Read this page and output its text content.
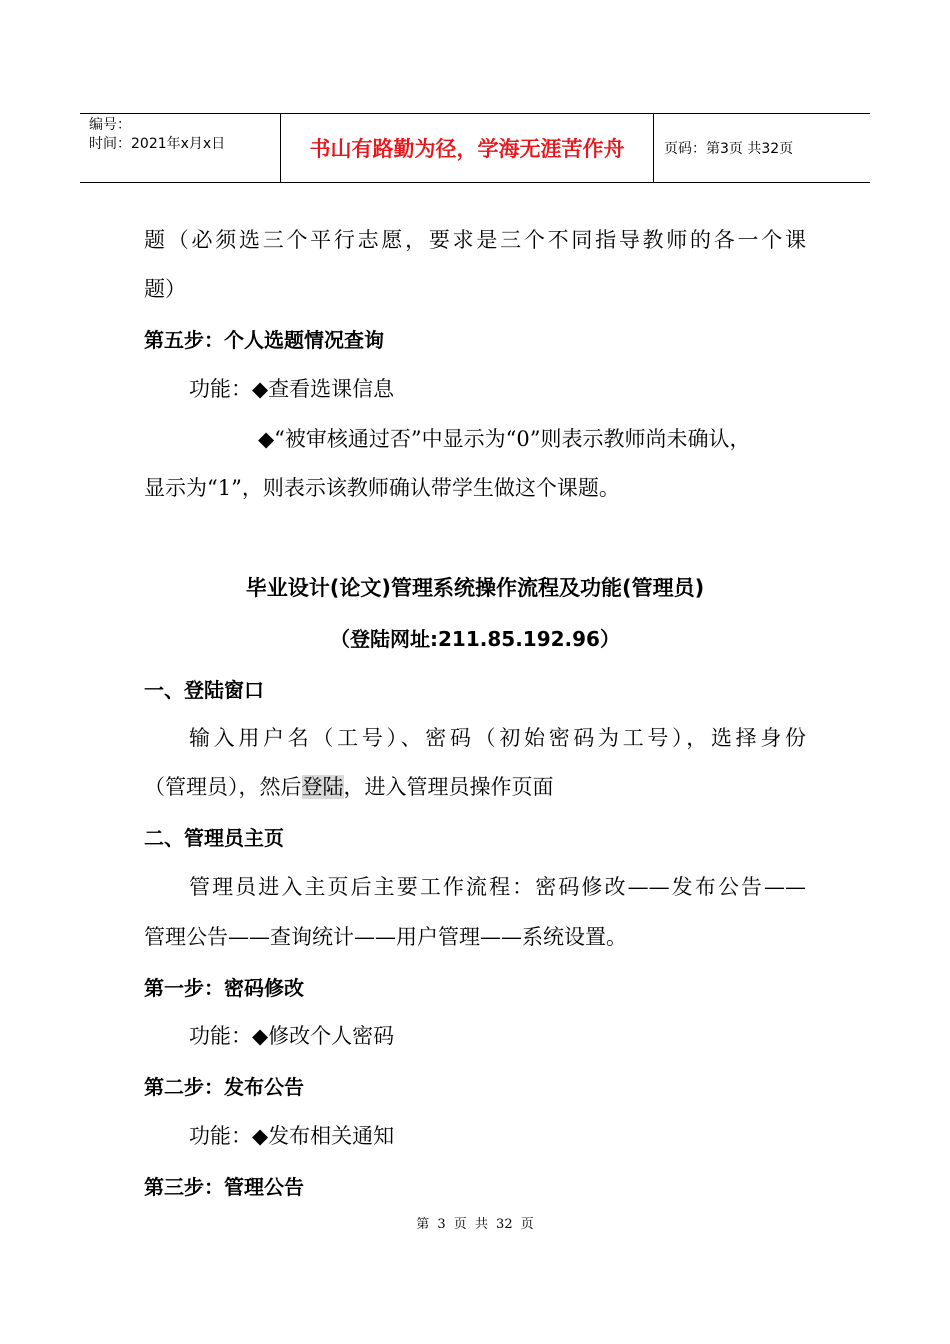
编号：
时间：2021年x月x日	书山有路勤为径，学海无涯苦作舟	页码：第3页 共32页
题（必须选三个平行志愿，要求是三个不同指导教师的各一个课
题）
第五步：个人选题情况查询
功能：◆查看选课信息
◆“被审核通过否”中显示为“0”则表示教师尚未确认，
显示为“1”，则表示该教师确认带学生做这个课题。
毕业设计(论文)管理系统操作流程及功能(管理员)
（登陆网址:211.85.192.96）
一、登陆窗口
输入用户名（工号）、密码（初始密码为工号），选择身份
（管理员），然后登陆，进入管理员操作页面
二、管理员主页
管理员进入主页后主要工作流程：密码修改——发布公告——
管理公告——查询统计——用户管理——系统设置。
第一步：密码修改
功能：◆修改个人密码
第二步：发布公告
功能：◆发布相关通知
第三步：管理公告
第 3 页 共 32 页
